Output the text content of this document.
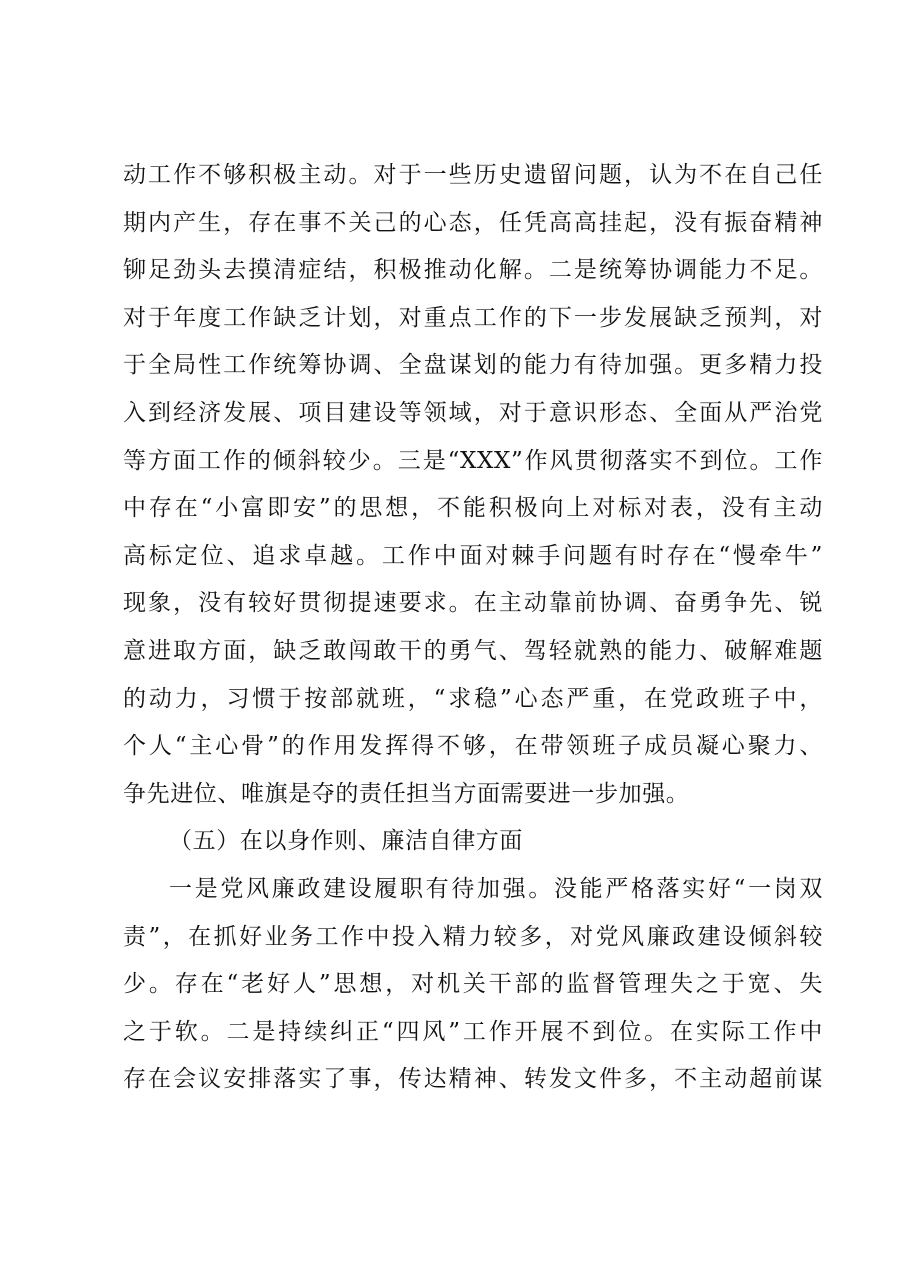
动工作不够积极主动。对于一些历史遗留问题，认为不在自己任
期内产生，存在事不关己的心态，任凭高高挂起，没有振奋精神
铆足劲头去摸清症结，积极推动化解。二是统筹协调能力不足。
对于年度工作缺乏计划，对重点工作的下一步发展缺乏预判，对
于全局性工作统筹协调、全盘谋划的能力有待加强。更多精力投
入到经济发展、项目建设等领域，对于意识形态、全面从严治党
等方面工作的倾斜较少。三是“XXX”作风贯彻落实不到位。工作
中存在“小富即安”的思想，不能积极向上对标对表，没有主动
高标定位、追求卓越。工作中面对棘手问题有时存在“慢牵牛”
现象，没有较好贯彻提速要求。在主动靠前协调、奋勇争先、锐
意进取方面，缺乏敢闯敢干的勇气、驾轻就熟的能力、破解难题
的动力，习惯于按部就班，“求稳”心态严重，在党政班子中，
个人“主心骨”的作用发挥得不够，在带领班子成员凝心聚力、
争先进位、唯旗是夺的责任担当方面需要进一步加强。
（五）在以身作则、廉洁自律方面
一是党风廉政建设履职有待加强。没能严格落实好“一岗双
责”，在抓好业务工作中投入精力较多，对党风廉政建设倾斜较
少。存在“老好人”思想，对机关干部的监督管理失之于宽、失
之于软。二是持续纠正“四风”工作开展不到位。在实际工作中
存在会议安排落实了事，传达精神、转发文件多，不主动超前谋
